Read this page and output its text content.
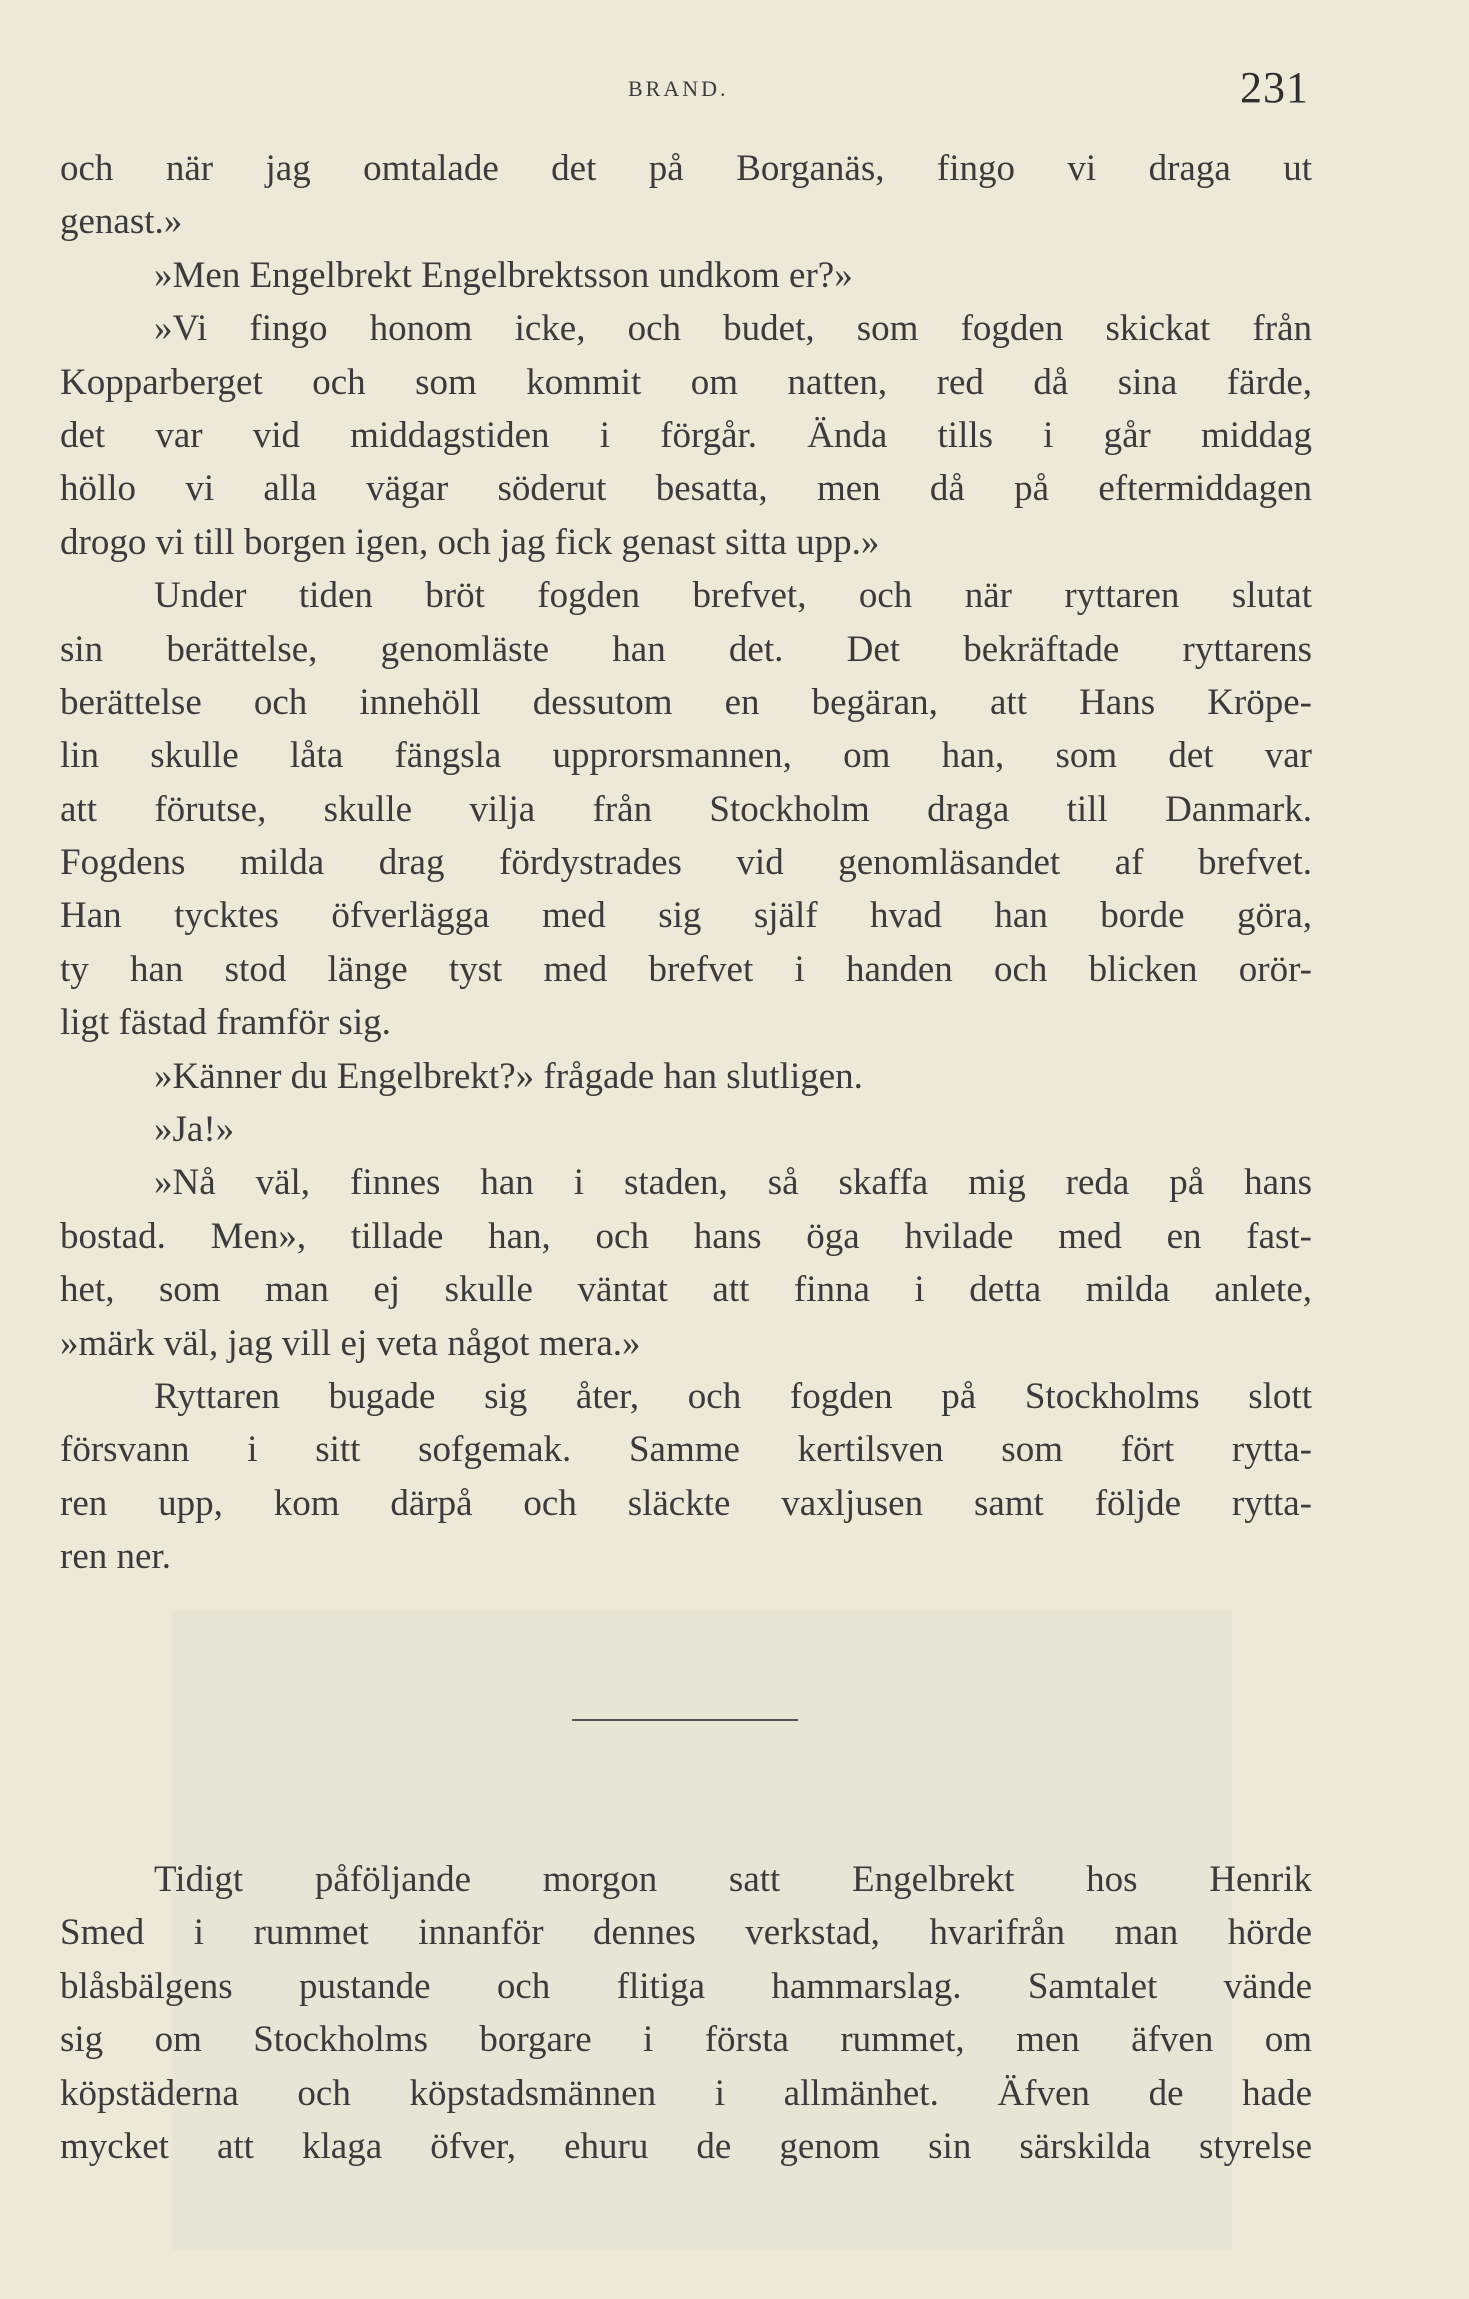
BRAND.	231
och när jag omtalade det på Borganäs, fingo vi draga ut
genast.»
»Men Engelbrekt Engelbrektsson undkom er?»
»Vi fingo honom icke, och budet, som fogden skickat från
Kopparberget och som kommit om natten, red då sina färde,
det var vid middagstiden i förgår. Ända tills i går middag
höllo vi alla vägar söderut besatta, men då på eftermiddagen
drogo vi till borgen igen, och jag fick genast sitta upp.»
Under tiden bröt fogden brefvet, och när ryttaren slutat
sin berättelse, genomläste han det. Det bekräftade ryttarens
berättelse och innehöll dessutom en begäran, att Hans Kröpe-
lin skulle låta fängsla upprorsmannen, om han, som det var
att förutse, skulle vilja från Stockholm draga till Danmark.
Fogdens milda drag fördystrades vid genomläsandet af brefvet.
Han tycktes öfverlägga med sig själf hvad han borde göra,
ty han stod länge tyst med brefvet i handen och blicken orör-
ligt fästad framför sig.
»Känner du Engelbrekt?» frågade han slutligen.
»Ja!»
»Nå väl, finnes han i staden, så skaffa mig reda på hans
bostad. Men», tillade han, och hans öga hvilade med en fast-
het, som man ej skulle väntat att finna i detta milda anlete,
»märk väl, jag vill ej veta något mera.»
Ryttaren bugade sig åter, och fogden på Stockholms slott
försvann i sitt sofgemak. Samme kertilsven som fört rytta-
ren upp, kom därpå och släckte vaxljusen samt följde rytta-
ren ner.
Tidigt påföljande morgon satt Engelbrekt hos Henrik
Smed i rummet innanför dennes verkstad, hvarifrån man hörde
blåsbälgens pustande och flitiga hammarslag. Samtalet vände
sig om Stockholms borgare i första rummet, men äfven om
köpstäderna och köpstadsmännen i allmänhet. Äfven de hade
mycket att klaga öfver, ehuru de genom sin särskilda styrelse
